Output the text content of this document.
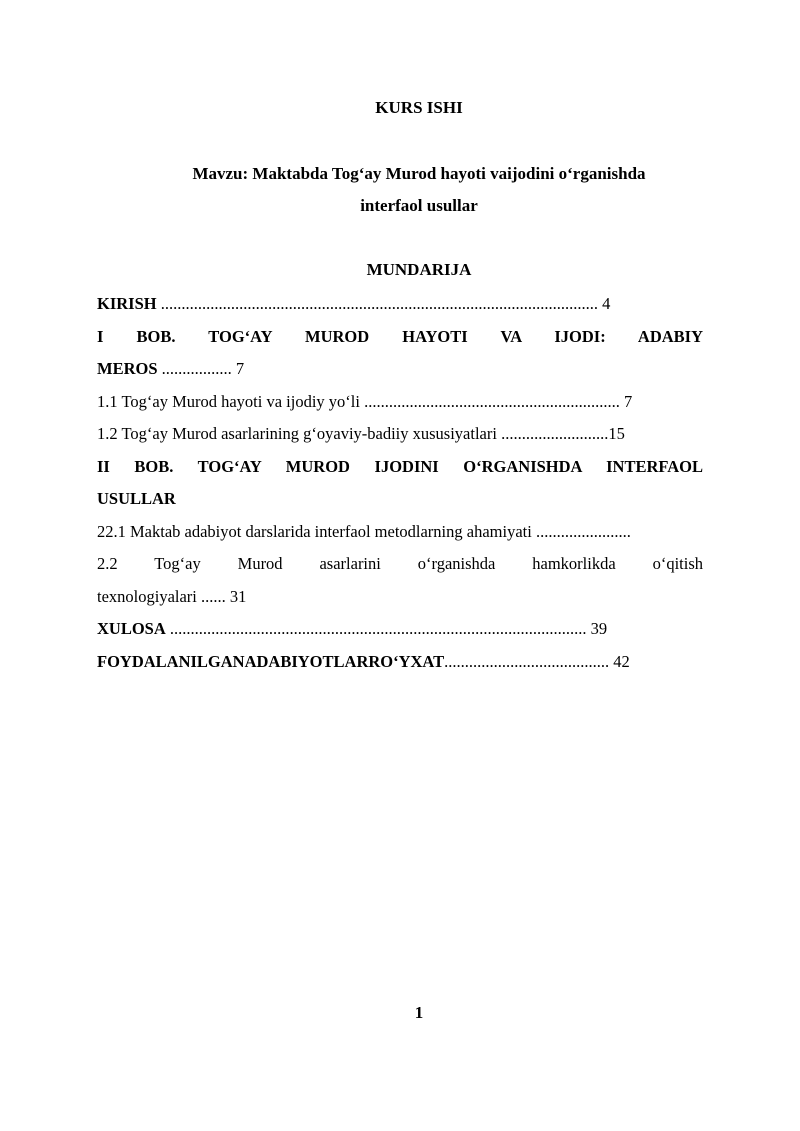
KURS ISHI
Mavzu: Maktabda Tog‘ay Murod hayoti vaijodini o‘rganishda
interfaol usullar
MUNDARIJA
KIRISH .......................................................................................................... 4
I BOB. TOG‘AY MUROD HAYOTI VA IJODI: ADABIY
MEROS ................. 7
1.1 Tog‘ay Murod hayoti va ijodiy yo‘li .............................................................. 7
1.2 Tog‘ay Murod asarlarining g‘oyaviy-badiiy xususiyatlari ..........................15
II BOB. TOG‘AY MUROD IJODINI O‘RGANISHDA INTERFAOL
USULLAR
22.1 Maktab adabiyot darslarida interfaol metodlarning ahamiyati .......................
2.2 Tog‘ay Murod asarlarini o‘rganishda hamkorlikda o‘qitish
texnologiyalari ...... 31
XULOSA ..................................................................................................... 39
FOYDALANILGANADABIYOTLARRO‘YXAT........................................ 42
1
